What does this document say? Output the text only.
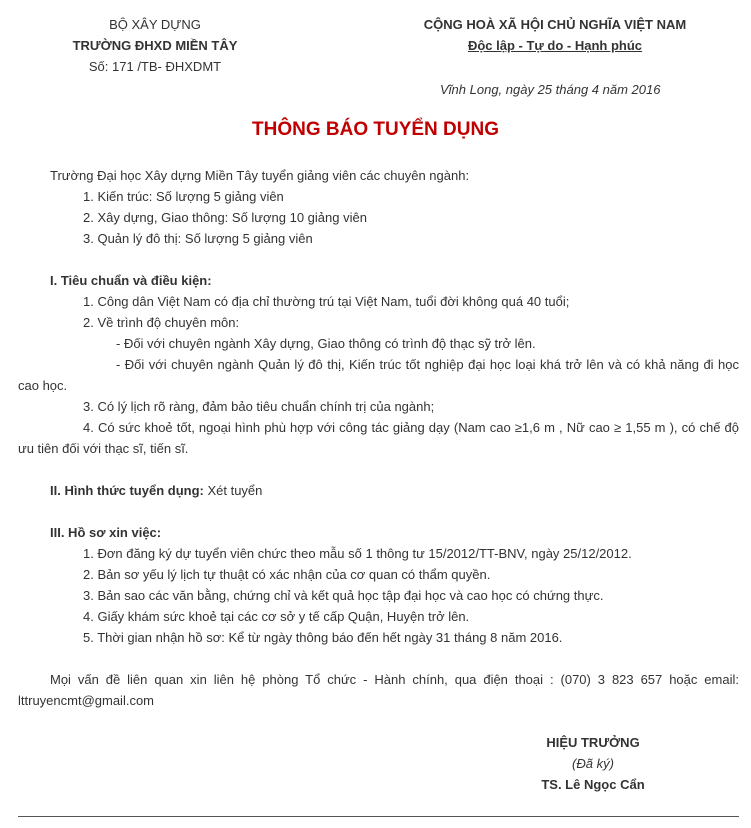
BỘ XÂY DỰNG
TRƯỜNG ĐHXD MIỀN TÂY
Số: 171 /TB- ĐHXDMT
CỘNG HOÀ XÃ HỘI CHỦ NGHĨA VIỆT NAM
Độc lập - Tự do - Hạnh phúc
Vĩnh Long, ngày 25 tháng 4 năm 2016
THÔNG BÁO TUYỂN DỤNG
Trường Đại học Xây dựng Miền Tây tuyển giảng viên các chuyên ngành:
1. Kiến trúc: Số lượng 5 giảng viên
2. Xây dựng, Giao thông: Số lượng 10 giảng viên
3. Quản lý đô thị: Số lượng 5 giảng viên
I. Tiêu chuẩn và điều kiện:
1. Công dân Việt Nam có địa chỉ thường trú tại Việt Nam, tuổi đời không quá 40 tuổi;
2. Về trình độ chuyên môn:
- Đối với chuyên ngành Xây dựng, Giao thông có trình độ thạc sỹ trở lên.
- Đối với chuyên ngành Quản lý đô thị, Kiến trúc tốt nghiệp đại học loại khá trở lên và có khả năng đi học
cao học.
3. Có lý lịch rõ ràng, đảm bảo tiêu chuẩn chính trị của ngành;
4. Có sức khoẻ tốt, ngoại hình phù hợp với công tác giảng dạy (Nam cao ≥1,6 m , Nữ cao ≥ 1,55 m ), có chế độ
ưu tiên đối với thạc sĩ, tiến sĩ.
II. Hình thức tuyển dụng: Xét tuyển
III. Hồ sơ xin việc:
1. Đơn đăng ký dự tuyển viên chức theo mẫu số 1 thông tư 15/2012/TT-BNV, ngày 25/12/2012.
2. Bản sơ yếu lý lịch tự thuật có xác nhận của cơ quan có thẩm quyền.
3. Bản sao các văn bằng, chứng chỉ và kết quả học tập đại học và cao học có chứng thực.
4. Giấy khám sức khoẻ tại các cơ sở y tế cấp Quận, Huyện trở lên.
5. Thời gian nhận hồ sơ: Kể từ ngày thông báo đến hết ngày 31 tháng 8 năm 2016.
Mọi vấn đề liên quan xin liên hệ phòng Tổ chức - Hành chính, qua điện thoại : (070) 3 823 657 hoặc email:
lttruyencmt@gmail.com
HIỆU TRƯỞNG
(Đã ký)
TS. Lê Ngọc Cẩn
